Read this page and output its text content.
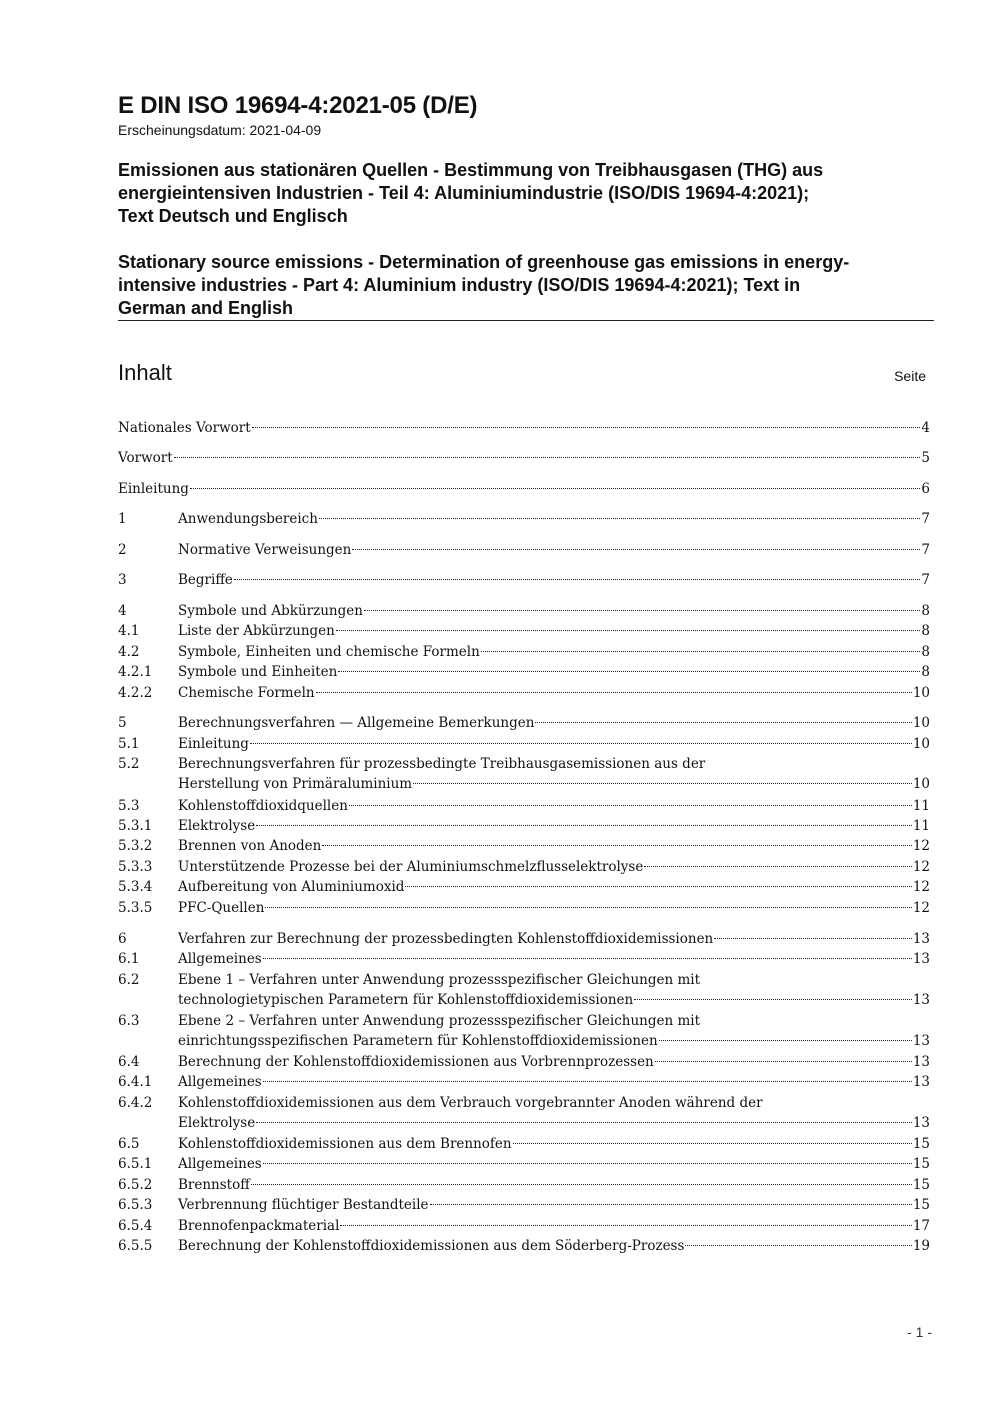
E DIN ISO 19694-4:2021-05 (D/E)
Erscheinungsdatum: 2021-04-09
Emissionen aus stationären Quellen - Bestimmung von Treibhausgasen (THG) aus
energieintensiven Industrien - Teil 4: Aluminiumindustrie (ISO/DIS 19694-4:2021);
Text Deutsch und Englisch
Stationary source emissions - Determination of greenhouse gas emissions in energy-
intensive industries - Part 4: Aluminium industry (ISO/DIS 19694-4:2021); Text in
German and English
Inhalt	Seite
Nationales Vorwort	4
Vorwort	5
Einleitung	6
1	Anwendungsbereich	7
2	Normative Verweisungen	7
3	Begriffe	7
4	Symbole und Abkürzungen	8
4.1	Liste der Abkürzungen	8
4.2	Symbole, Einheiten und chemische Formeln	8
4.2.1 Symbole und Einheiten	8
4.2.2 Chemische Formeln	10
5	Berechnungsverfahren — Allgemeine Bemerkungen	10
5.1	Einleitung	10
5.2	Berechnungsverfahren für prozessbedingte Treibhausgasemissionen aus der
Herstellung von Primäraluminium	10
5.3	Kohlenstoffdioxidquellen	11
5.3.1 Elektrolyse	11
5.3.2 Brennen von Anoden	12
5.3.3 Unterstützende Prozesse bei der Aluminiumschmelzflusselektrolyse	12
5.3.4 Aufbereitung von Aluminiumoxid	12
5.3.5 PFC-Quellen	12
6	Verfahren zur Berechnung der prozessbedingten Kohlenstoffdioxidemissionen	13
6.1	Allgemeines	13
6.2	Ebene 1 – Verfahren unter Anwendung prozessspezifischer Gleichungen mit
technologietypischen Parametern für Kohlenstoffdioxidemissionen	13
6.3	Ebene 2 – Verfahren unter Anwendung prozessspezifischer Gleichungen mit
einrichtungsspezifischen Parametern für Kohlenstoffdioxidemissionen	13
6.4	Berechnung der Kohlenstoffdioxidemissionen aus Vorbrennprozessen	13
6.4.1 Allgemeines	13
6.4.2 Kohlenstoffdioxidemissionen aus dem Verbrauch vorgebrannter Anoden während der
Elektrolyse	13
6.5	Kohlenstoffdioxidemissionen aus dem Brennofen	15
6.5.1 Allgemeines	15
6.5.2 Brennstoff	15
6.5.3 Verbrennung flüchtiger Bestandteile	15
6.5.4 Brennofenpackmaterial	17
6.5.5 Berechnung der Kohlenstoffdioxidemissionen aus dem Söderberg-Prozess	19
- 1 -
